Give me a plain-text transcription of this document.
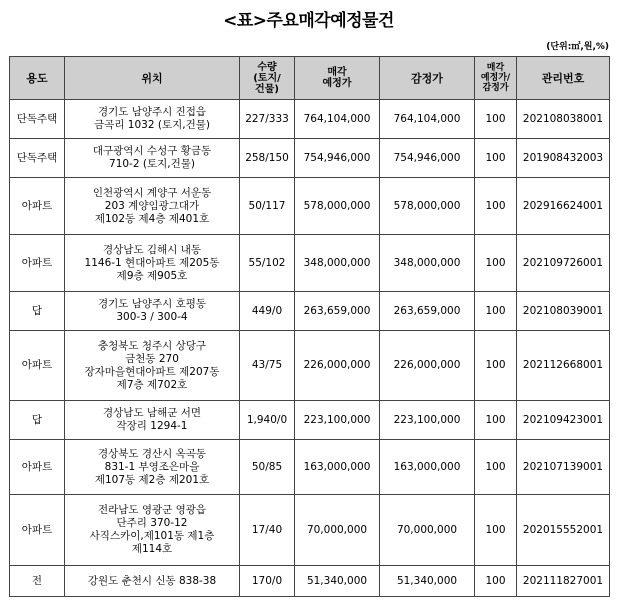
<표>주요매각예정물건
(단위:㎡,원,%)
용도	위치	수량
(토지/
건물)	매각
예정가	감정가	매각
예정가/
감정가	관리번호
단독주택	경기도 남양주시 진접읍
금곡리 1032 (토지,건물)	227/333	764,104,000	764,104,000	100	202108038001
단독주택	대구광역시 수성구 황금동
710-2 (토지,건물)	258/150	754,946,000	754,946,000	100	201908432003
아파트	인천광역시 계양구 서운동
203 계양임광그대가
제102동 제4층 제401호	50/117	578,000,000	578,000,000	100	202916624001
아파트	경상남도 김해시 내동
1146-1 현대아파트 제205동
제9층 제905호	55/102	348,000,000	348,000,000	100	202109726001
답	경기도 남양주시 호평동
300-3 / 300-4	449/0	263,659,000	263,659,000	100	202108039001
아파트	충청북도 청주시 상당구
금천동 270
장자마을현대아파트 제207동
제7층 제702호	43/75	226,000,000	226,000,000	100	202112668001
답	경상남도 남해군 서면
작장리 1294-1	1,940/0	223,100,000	223,100,000	100	202109423001
아파트	경상북도 경산시 옥곡동
831-1 부영조은마을
제107동 제2층 제201호	50/85	163,000,000	163,000,000	100	202107139001
아파트	전라남도 영광군 영광읍
단주리 370-12
사직스카이,제101동 제1층
제114호	17/40	70,000,000	70,000,000	100	202015552001
전	강원도 춘천시 신동 838-38	170/0	51,340,000	51,340,000	100	202111827001
